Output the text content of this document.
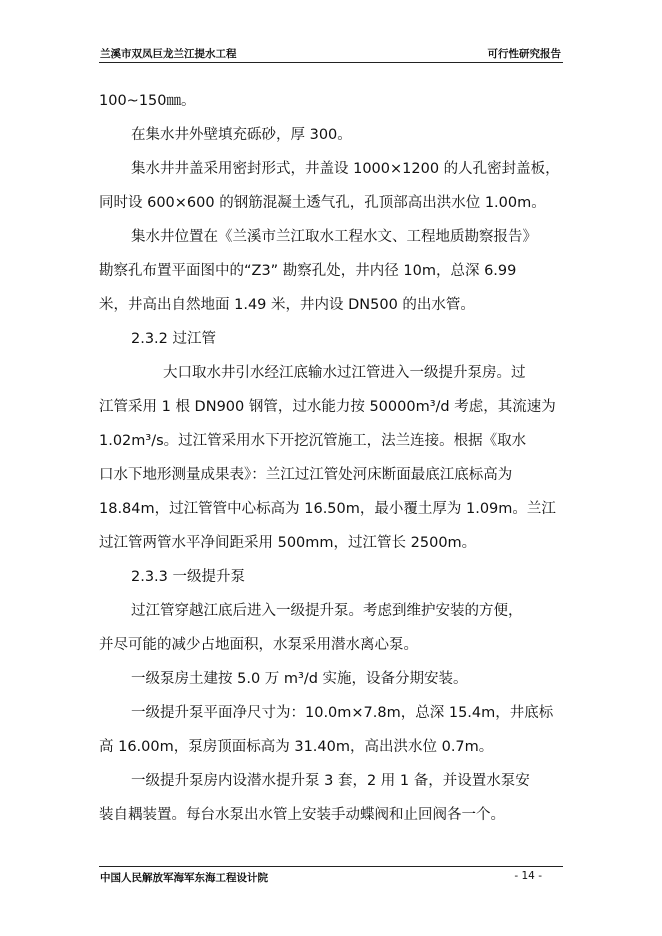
兰溪市双凤巨龙兰江提水工程	可行性研究报告
100~150㎜。
在集水井外壁填充砾砂，厚 300。
集水井井盖采用密封形式，井盖设 1000×1200 的人孔密封盖板，
同时设 600×600 的钢筋混凝土透气孔，孔顶部高出洪水位 1.00m。
集水井位置在《兰溪市兰江取水工程水文、工程地质勘察报告》
勘察孔布置平面图中的“Z3” 勘察孔处，井内径 10m，总深 6.99
米，井高出自然地面 1.49 米，井内设 DN500 的出水管。
2.3.2 过江管
大口取水井引水经江底输水过江管进入一级提升泵房。过
江管采用 1 根 DN900 钢管，过水能力按 50000m³/d 考虑，其流速为
1.02m³/s。过江管采用水下开挖沉管施工，法兰连接。根据《取水
口水下地形测量成果表》：兰江过江管处河床断面最底江底标高为
18.84m，过江管管中心标高为 16.50m，最小覆土厚为 1.09m。兰江
过江管两管水平净间距采用 500mm，过江管长 2500m。
2.3.3 一级提升泵
过江管穿越江底后进入一级提升泵。考虑到维护安装的方便，
并尽可能的减少占地面积，水泵采用潜水离心泵。
一级泵房土建按 5.0 万 m³/d 实施，设备分期安装。
一级提升泵平面净尺寸为：10.0m×7.8m，总深 15.4m，井底标
高 16.00m，泵房顶面标高为 31.40m，高出洪水位 0.7m。
一级提升泵房内设潜水提升泵 3 套，2 用 1 备，并设置水泵安
装自耦装置。每台水泵出水管上安装手动蝶阀和止回阀各一个。
中国人民解放军海军东海工程设计院	- 14 -
